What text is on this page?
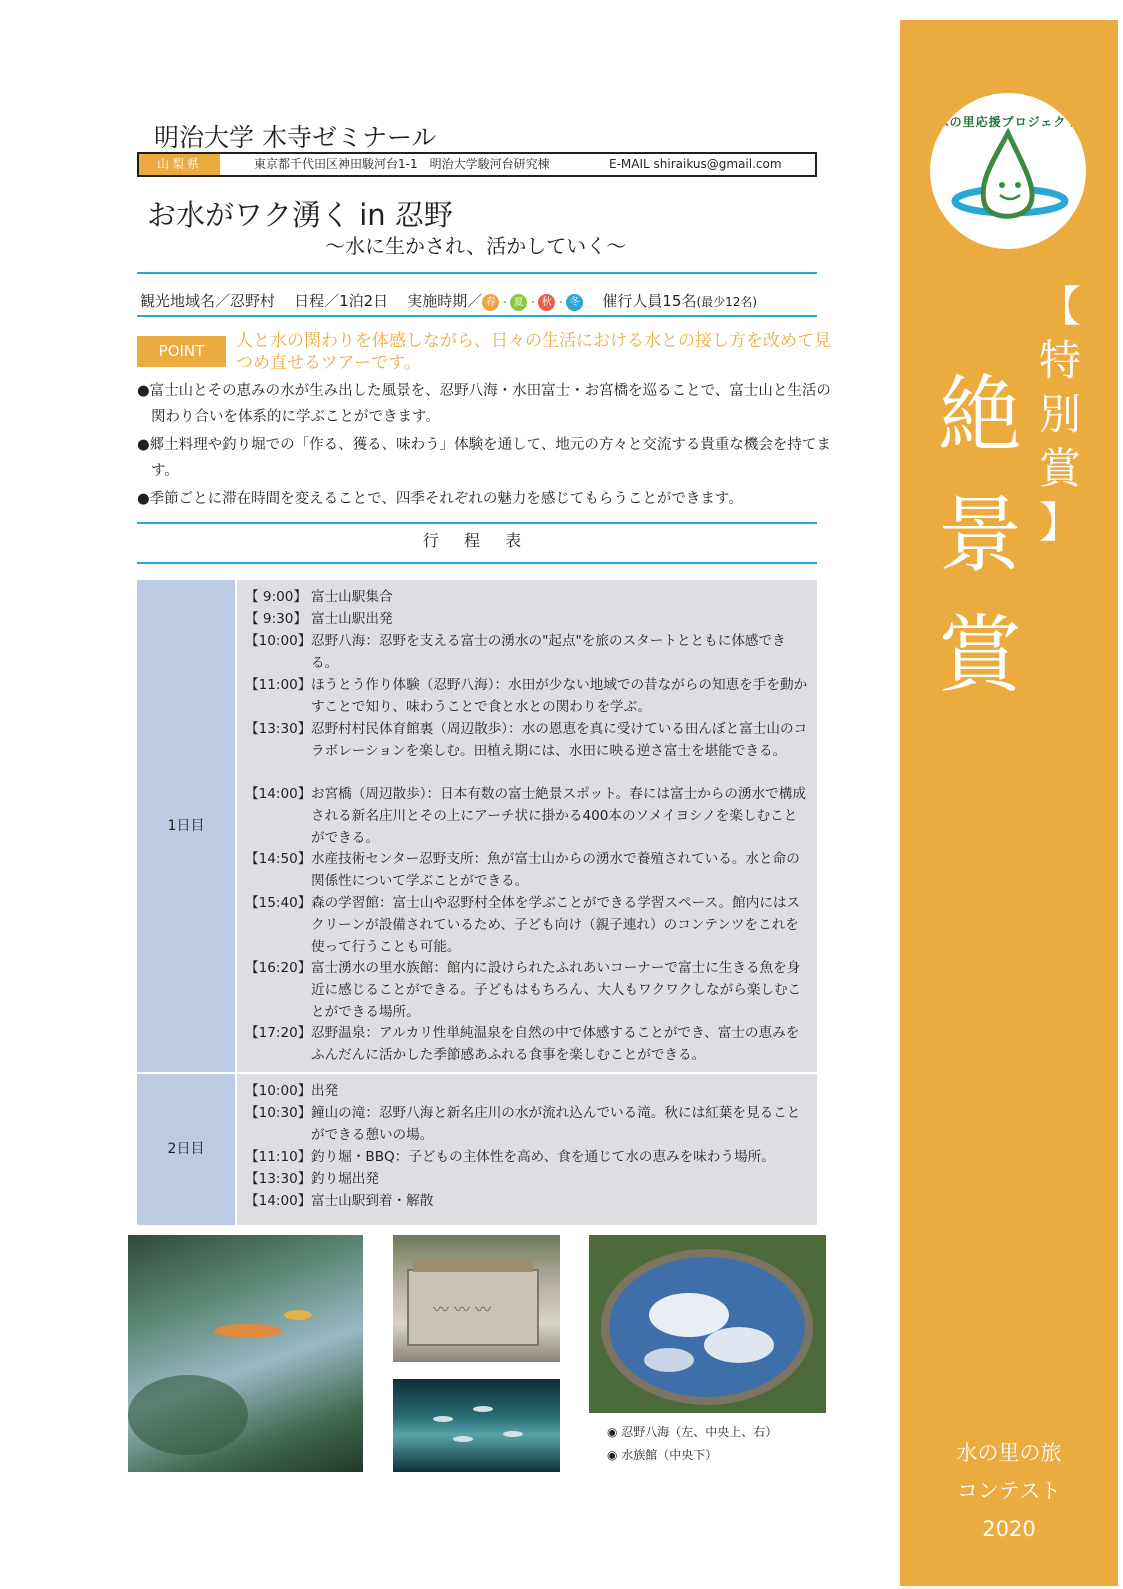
水の里応援プロジェクト
【
特
別
賞
】
絶
景
賞
水の里の旅
コンテスト
2020
明治大学 木寺ゼミナール
山梨県	東京都千代田区神田駿河台1-1　明治大学駿河台研究棟	E-MAIL shiraikus@gmail.com
お水がワク湧く in 忍野
～水に生かされ、活かしていく～
観光地域名／忍野村 日程／1泊2日 実施時期／ 春 ・ 夏 ・ 秋 ・ 冬 催行人員15名(最少12名)
POINT	人と水の関わりを体感しながら、日々の生活における水との接し方を改めて見つめ直せるツアーです。
●富士山とその恵みの水が生み出した風景を、忍野八海・水田富士・お宮橋を巡ることで、富士山と生活の関わり合いを体系的に学ぶことができます。
●郷土料理や釣り堀での「作る、獲る、味わう」体験を通して、地元の方々と交流する貴重な機会を持てます。
●季節ごとに滞在時間を変えることで、四季それぞれの魅力を感じてもらうことができます。
行 程 表
1日目
【 9:00】 富士山駅集合
【 9:30】 富士山駅出発
【10:00】 忍野八海：忍野を支える富士の湧水の"起点"を旅のスタートとともに体感できる。
【11:00】 ほうとう作り体験（忍野八海）：水田が少ない地域での昔ながらの知恵を手を動かすことで知り、味わうことで食と水との関わりを学ぶ。
【13:30】 忍野村村民体育館裏（周辺散歩）：水の恩恵を真に受けている田んぼと富士山のコラボレーションを楽しむ。田植え期には、水田に映る逆さ富士を堪能できる。
【14:00】 お宮橋（周辺散歩）：日本有数の富士絶景スポット。春には富士からの湧水で構成される新名庄川とその上にアーチ状に掛かる400本のソメイヨシノを楽しむことができる。
【14:50】 水産技術センター忍野支所：魚が富士山からの湧水で養殖されている。水と命の関係性について学ぶことができる。
【15:40】 森の学習館：富士山や忍野村全体を学ぶことができる学習スペース。館内にはスクリーンが設備されているため、子ども向け（親子連れ）のコンテンツをこれを使って行うことも可能。
【16:20】 富士湧水の里水族館：館内に設けられたふれあいコーナーで富士に生きる魚を身近に感じることができる。子どもはもちろん、大人もワクワクしながら楽しむことができる場所。
【17:20】 忍野温泉：アルカリ性単純温泉を自然の中で体感することができ、富士の恵みをふんだんに活かした季節感あふれる食事を楽しむことができる。
2日目
【10:00】 出発
【10:30】 鐘山の滝：忍野八海と新名庄川の水が流れ込んでいる滝。秋には紅葉を見ることができる憩いの場。
【11:10】 釣り堀・BBQ：子どもの主体性を高め、食を通じて水の恵みを味わう場所。
【13:30】 釣り堀出発
【14:00】 富士山駅到着・解散
〰 〰 〰
◉ 忍野八海（左、中央上、右）
◉ 水族館（中央下）
